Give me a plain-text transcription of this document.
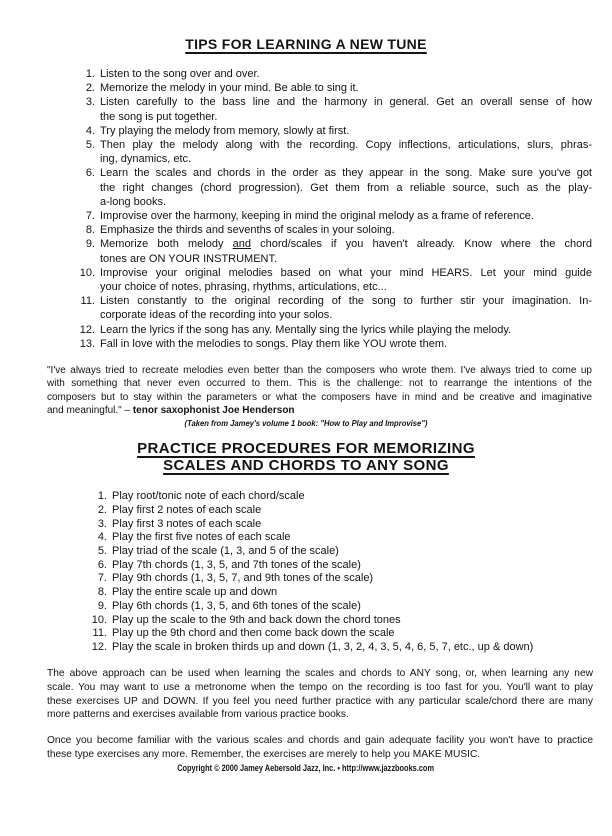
TIPS FOR LEARNING A NEW TUNE
1. Listen to the song over and over.
2. Memorize the melody in your mind. Be able to sing it.
3. Listen carefully to the bass line and the harmony in general. Get an overall sense of how
the song is put together.
4. Try playing the melody from memory, slowly at first.
5. Then play the melody along with the recording. Copy inflections, articulations, slurs, phras-
ing, dynamics, etc.
6. Learn the scales and chords in the order as they appear in the song. Make sure you've got
the right changes (chord progression). Get them from a reliable source, such as the play-
a-long books.
7. Improvise over the harmony, keeping in mind the original melody as a frame of reference.
8. Emphasize the thirds and sevenths of scales in your soloing.
9. Memorize both melody and chord/scales if you haven't already. Know where the chord
tones are ON YOUR INSTRUMENT.
10. Improvise your original melodies based on what your mind HEARS. Let your mind guide
your choice of notes, phrasing, rhythms, articulations, etc...
11. Listen constantly to the original recording of the song to further stir your imagination. In-
corporate ideas of the recording into your solos.
12. Learn the lyrics if the song has any. Mentally sing the lyrics while playing the melody.
13. Fall in love with the melodies to songs. Play them like YOU wrote them.
"I've always tried to recreate melodies even better than the composers who wrote them. I've always tried to come up
with something that never even occurred to them. This is the challenge: not to rearrange the intentions of the
composers but to stay within the parameters or what the composers have in mind and be creative and imaginative
and meaningful." – tenor saxophonist Joe Henderson
(Taken from Jamey's volume 1 book: "How to Play and Improvise")
PRACTICE PROCEDURES FOR MEMORIZING
SCALES AND CHORDS TO ANY SONG
1. Play root/tonic note of each chord/scale
2. Play first 2 notes of each scale
3. Play first 3 notes of each scale
4. Play the first five notes of each scale
5. Play triad of the scale (1, 3, and 5 of the scale)
6. Play 7th chords (1, 3, 5, and 7th tones of the scale)
7. Play 9th chords (1, 3, 5, 7, and 9th tones of the scale)
8. Play the entire scale up and down
9. Play 6th chords (1, 3, 5, and 6th tones of the scale)
10. Play up the scale to the 9th and back down the chord tones
11. Play up the 9th chord and then come back down the scale
12. Play the scale in broken thirds up and down (1, 3, 2, 4, 3, 5, 4, 6, 5, 7, etc., up & down)
The above approach can be used when learning the scales and chords to ANY song, or, when learning any new
scale. You may want to use a metronome when the tempo on the recording is too fast for you. You'll want to play
these exercises UP and DOWN. If you feel you need further practice with any particular scale/chord there are many
more patterns and exercises available from various practice books.
Once you become familiar with the various scales and chords and gain adequate facility you won't have to practice
these type exercises any more. Remember, the exercises are merely to help you MAKE MUSIC.
Copyright © 2000 Jamey Aebersold Jazz, Inc. • http://www.jazzbooks.com
